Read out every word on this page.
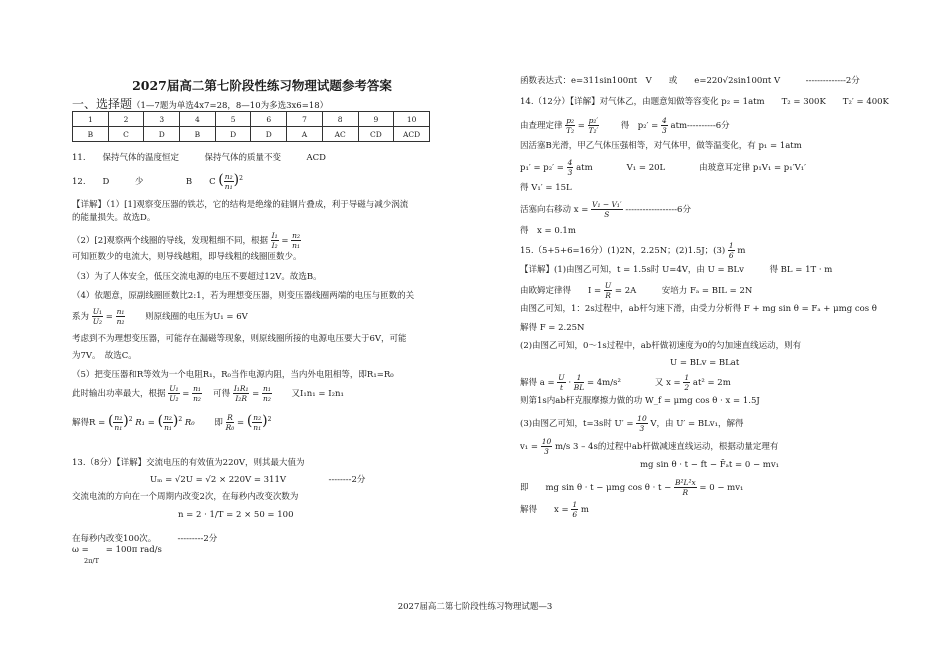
2027届高二第七阶段性练习物理试题参考答案
一、选择题（1—7题为单选4x7=28，8—10为多选3x6=18）
1	2	3	4	5	6	7	8	9	10
B	C	D	B	D	D	A	AC	CD	ACD
11.　　保持气体的温度恒定　　　保持气体的质量不变　　　ACD
12.　　D　　　少　　　　　B　　C ( $\frac{\text{n₂}}{\text{n₁}} )^2$
【详解】（1）[1]观察变压器的铁芯，它的结构是绝缘的硅钢片叠成，利于导磁与减少涡流
的能量损失。故选D。
（2）[2]观察两个线圈的导线，发现粗细不同，根据 $\frac{\text{I₁}}{\text{I₂}} = \frac{\text{n₂}}{\text{n₁}}$
可知匝数少的电流大，则导线越粗，即导线粗的线圈匝数少。
（3）为了人体安全，低压交流电源的电压不要超过12V。故选B。
（4）依题意，原副线圈匝数比2:1，若为理想变压器，则变压器线圈两端的电压与匝数的关
系为 $\frac{\text{U₁}}{\text{U₂}} = \frac{\text{n₁}}{\text{n₂}}$ 　　则原线圈的电压为U₁ = 6V
考虑到不为理想变压器，可能存在漏磁等现象，则原线圈所接的电源电压要大于6V，可能
为7V。　故选C。
（5）把变压器和R等效为一个电阻R₁，R₀当作电源内阻，当内外电阻相等，即R₁=R₀
此时输出功率最大，根据 $\frac{\text{U₁}}{\text{U₂}} = \frac{\text{n₁}}{\text{n₂}}$ 　可得 $\frac{\text{I₁R₁}}{\text{I₂R}} = \frac{\text{n₁}}{\text{n₂}}$ 　　又I₁n₁ = I₂n₁
解得R = ( $\frac{\text{n₂}}{\text{n₁}} )^2$ R₁ = ( $\frac{\text{n₂}}{\text{n₁}} )^2$ R₀ 　　即 $\frac{R}{\text{R₀}}$ = ( $\frac{\text{n₂}}{\text{n₁}} )^2$
13.（8分）【详解】交流电压的有效值为220V，则其最大值为
Uₘ = √2U = √2 × 220V = 311V　　　　　--------2分
交流电流的方向在一个周期内改变2次，在每秒内改变次数为
n = 2 · 1/T = 2 × 50 = 100
在每秒内改变100次。　　　---------2分
ω =　　= 100π rad/s
2π/T
函数表达式：e=311sin100πt　V　　或　　e=220√2sin100πt V　　　--------------2分
14.（12分）【详解】对气体乙，由题意知做等容变化 p₂ = 1atm　　T₂ = 300K　　T₂′ = 400K
由查理定律 $\frac{\text{p₂}}{\text{T₂}} = \frac{\text{p₂′}}{\text{T₂′}}$	得　$p_2' = \frac{4}{3} atm----------6$分
因活塞B光滑，甲乙气体压强相等，对气体甲，做等温变化，有 p₁ = 1atm
$p_1' = p_2' = \frac{4}{3}$ atm　　　　V₁ = 20L　　　　由玻意耳定律 p₁V₁ = p₁′V₁′
得 V₁′ = 15L
活塞向右移动 $x = \frac{\text{V₁ − V₁′}}{S} ------------------6$分
得　x = 0.1m
15.（5+5+6=16分）(1)2N，2.25N；(2)1.5J；$(3) \frac{1}{6}$ m
【详解】(1)由图乙可知，t = 1.5s时 U=4V，由 U = BLv　　　得 BL = 1T · m
由欧姆定律得　　$I = \frac{U}{R} = 2A$　　　安培力 Fₐ = BIL = 2N
由图乙可知，1：2s过程中，ab杆匀速下滑，由受力分析得 F + mg sin θ = Fₐ + μmg cos θ
解得 F = 2.25N
(2)由图乙可知，0～1s过程中，ab杆做初速度为0的匀加速直线运动，则有
U = BLv = BLat
解得 $a = \frac{U}{t} \cdot \frac{1}{BL} = 4m/s^2$　　　　又 $x = \frac{1}{2} at^2 = 2m$
则第1s内ab杆克服摩擦力做的功 W_f = μmg cos θ · x = 1.5J
(3)由图乙可知，t=3s时 $U' = \frac{10}{3}$ V，由 U′ = BLv₁，解得
$v_1 = \frac{10}{3} m/s$ 3 – 4s的过程中ab杆做减速直线运动，根据动量定理有
mg sin θ · t − ft − F̄ₐt = 0 − mv₁
即　　mg sin θ · t − μmg $\cos \theta \cdot t - \frac{\text{B²L²x}}{R} = 0 - mv_1$
解得　　$x = \frac{1}{6}$ m
2027届高二第七阶段性练习物理试题—3
